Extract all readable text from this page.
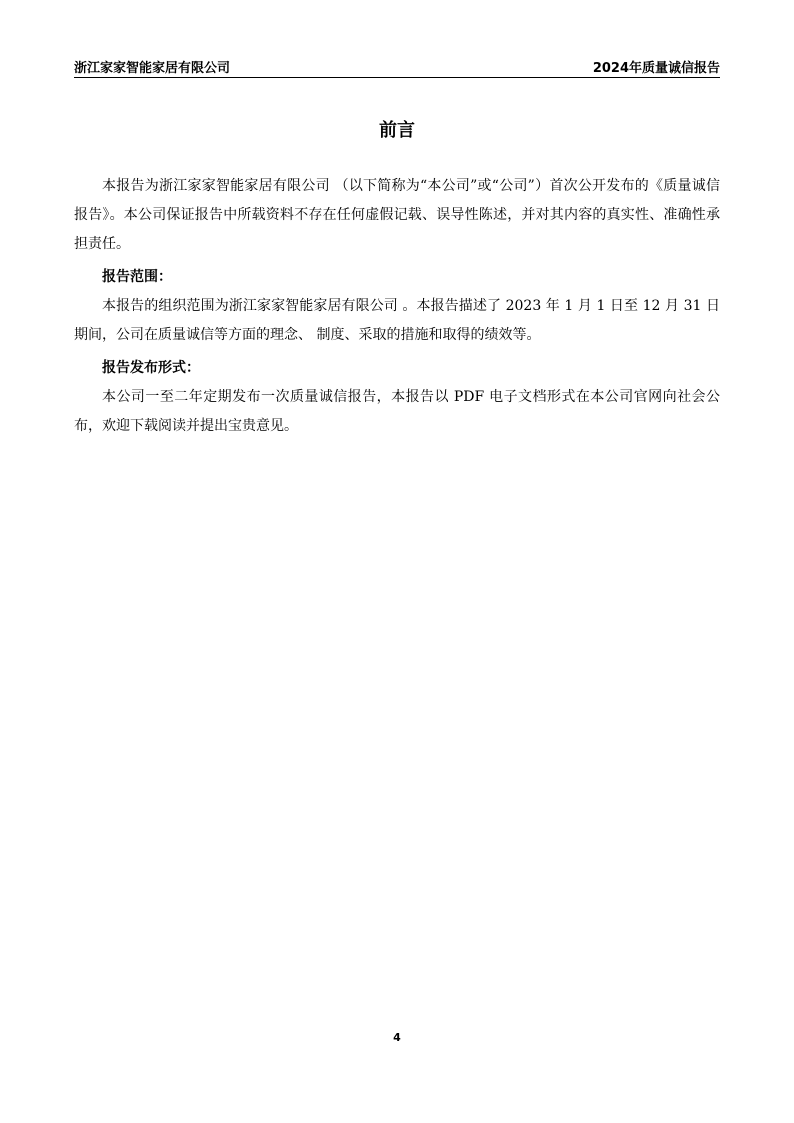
浙江家家智能家居有限公司	2024年质量诚信报告
前言

本报告为浙江家家智能家居有限公司 （以下简称为“本公司”或“公司”）首次公开发布的《质量诚信报告》。本公司保证报告中所载资料不存在任何虚假记载、误导性陈述，并对其内容的真实性、准确性承担责任。

报告范围：

本报告的组织范围为浙江家家智能家居有限公司 。本报告描述了 2023 年 1 月 1 日至 12 月 31 日期间，公司在质量诚信等方面的理念、 制度、采取的措施和取得的绩效等。

报告发布形式：

本公司一至二年定期发布一次质量诚信报告，本报告以 PDF 电子文档形式在本公司官网向社会公布，欢迎下载阅读并提出宝贵意见。

4
